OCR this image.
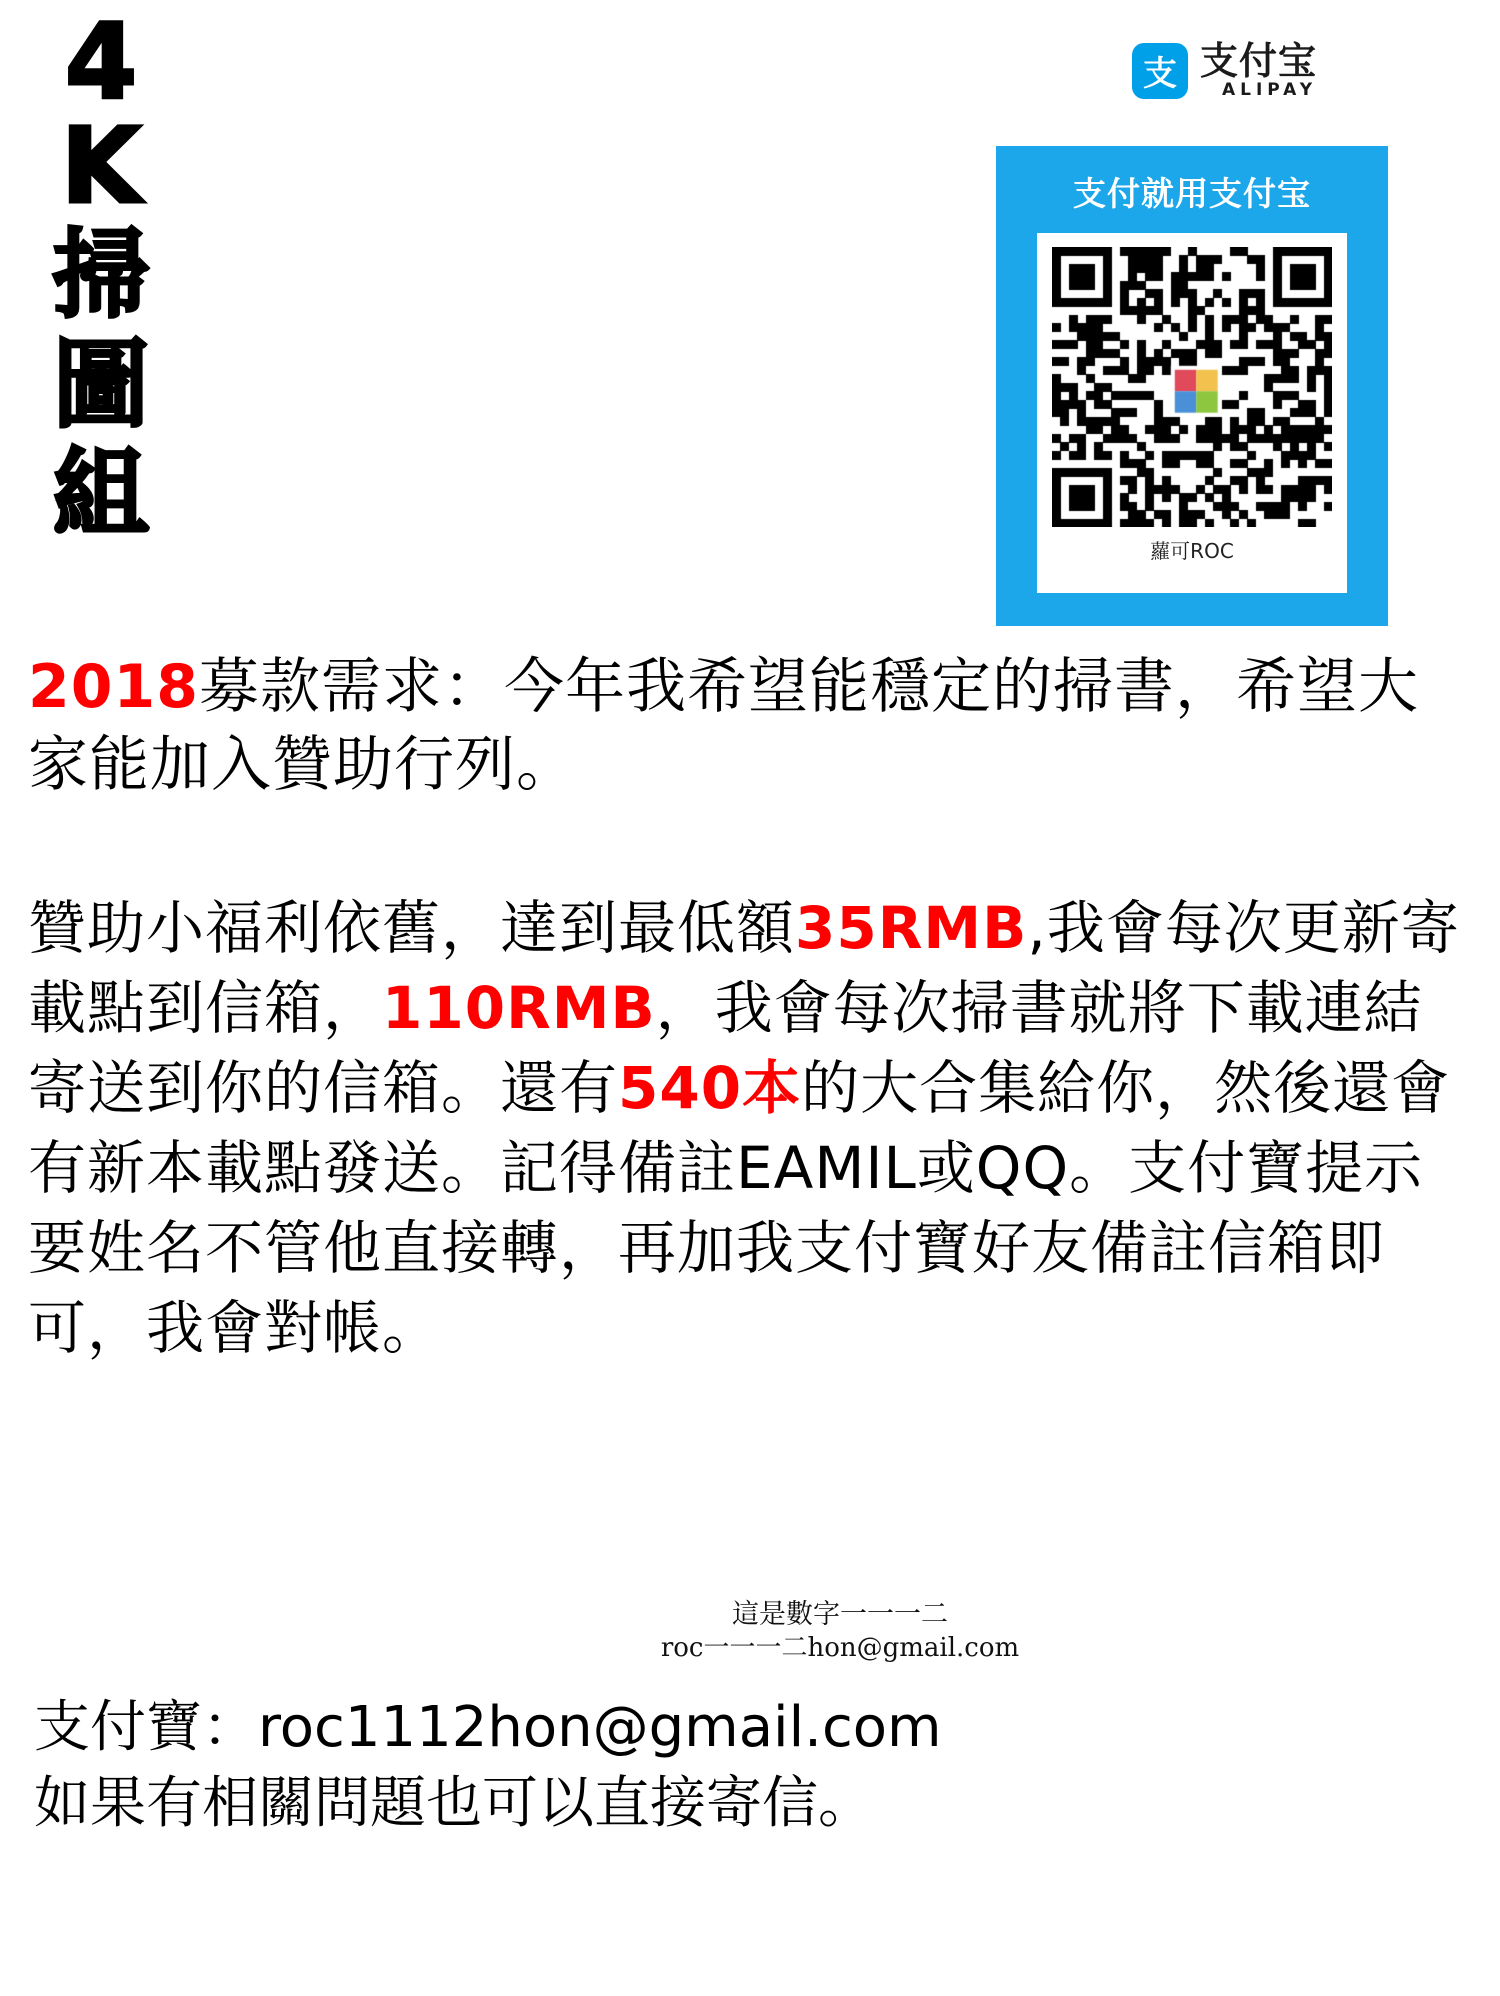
4
K
掃
圖
組
支 支付宝
ALIPAY
支付就用支付宝
蘿可ROC

2018募款需求：今年我希望能穩定的掃書，希望大家能加入贊助行列。

贊助小福利依舊，達到最低額35RMB,我會每次更新寄載點到信箱，110RMB，我會每次掃書就將下載連結寄送到你的信箱。還有540本的大合集給你，然後還會有新本載點發送。記得備註EAMIL或QQ。支付寶提示要姓名不管他直接轉，再加我支付寶好友備註信箱即可，我會對帳。

這是數字一一一二
roc一一一二hon@gmail.com
支付寶：roc1112hon@gmail.com
如果有相關問題也可以直接寄信。
